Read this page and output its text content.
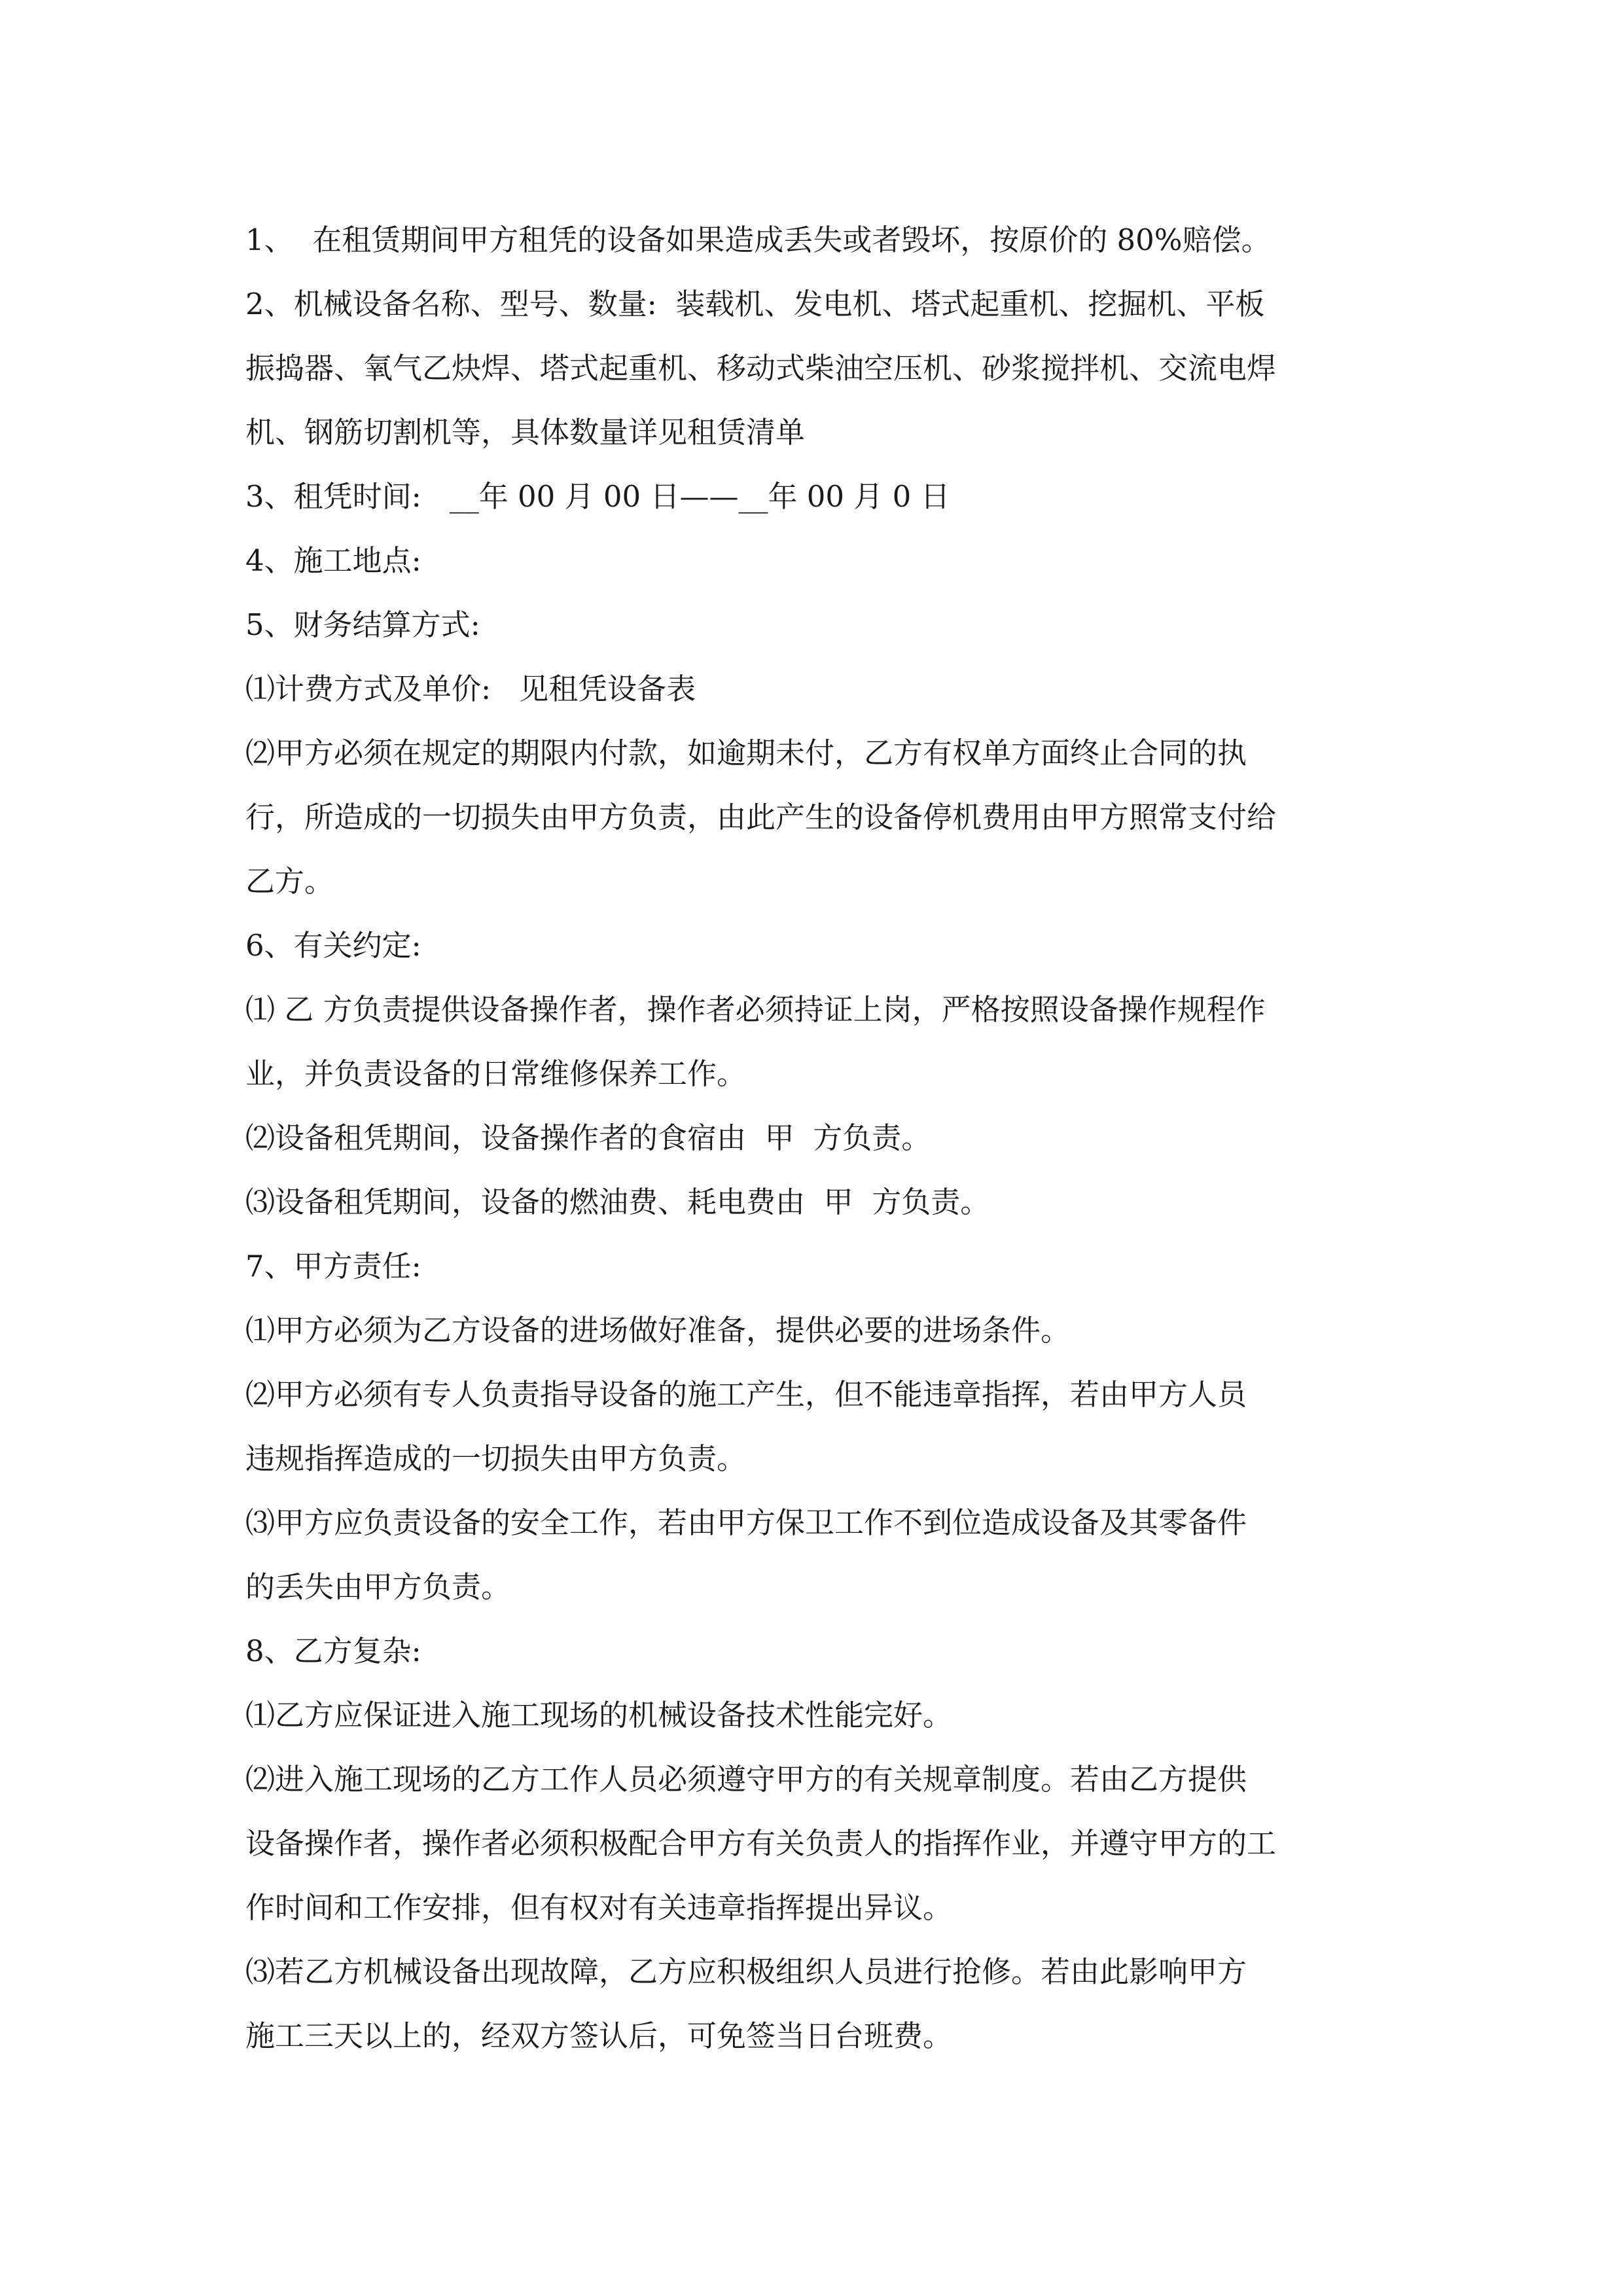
1、  在租赁期间甲方租凭的设备如果造成丢失或者毁坏，按原价的 80%赔偿。

2、机械设备名称、型号、数量:  装载机、发电机、塔式起重机、挖掘机、平板

振捣器、氧气乙炔焊、塔式起重机、移动式柴油空压机、砂浆搅拌机、交流电焊

机、钢筋切割机等，具体数量详见租赁清单

3、租凭时间:   __年 00 月 00 日——__年 00 月 0 日

4、施工地点:

5、财务结算方式:

⑴计费方式及单价:   见租凭设备表

⑵甲方必须在规定的期限内付款，如逾期未付，乙方有权单方面终止合同的执

行，所造成的一切损失由甲方负责，由此产生的设备停机费用由甲方照常支付给

乙方。

6、有关约定:

⑴ 乙 方负责提供设备操作者，操作者必须持证上岗，严格按照设备操作规程作

业，并负责设备的日常维修保养工作。

⑵设备租凭期间，设备操作者的食宿由  甲  方负责。

⑶设备租凭期间，设备的燃油费、耗电费由  甲  方负责。

7、甲方责任:

⑴甲方必须为乙方设备的进场做好准备，提供必要的进场条件。

⑵甲方必须有专人负责指导设备的施工产生，但不能违章指挥，若由甲方人员

违规指挥造成的一切损失由甲方负责。

⑶甲方应负责设备的安全工作，若由甲方保卫工作不到位造成设备及其零备件

的丢失由甲方负责。

8、乙方复杂:

⑴乙方应保证进入施工现场的机械设备技术性能完好。

⑵进入施工现场的乙方工作人员必须遵守甲方的有关规章制度。若由乙方提供

设备操作者，操作者必须积极配合甲方有关负责人的指挥作业，并遵守甲方的工

作时间和工作安排，但有权对有关违章指挥提出异议。

⑶若乙方机械设备出现故障，乙方应积极组织人员进行抢修。若由此影响甲方

施工三天以上的，经双方签认后，可免签当日台班费。
